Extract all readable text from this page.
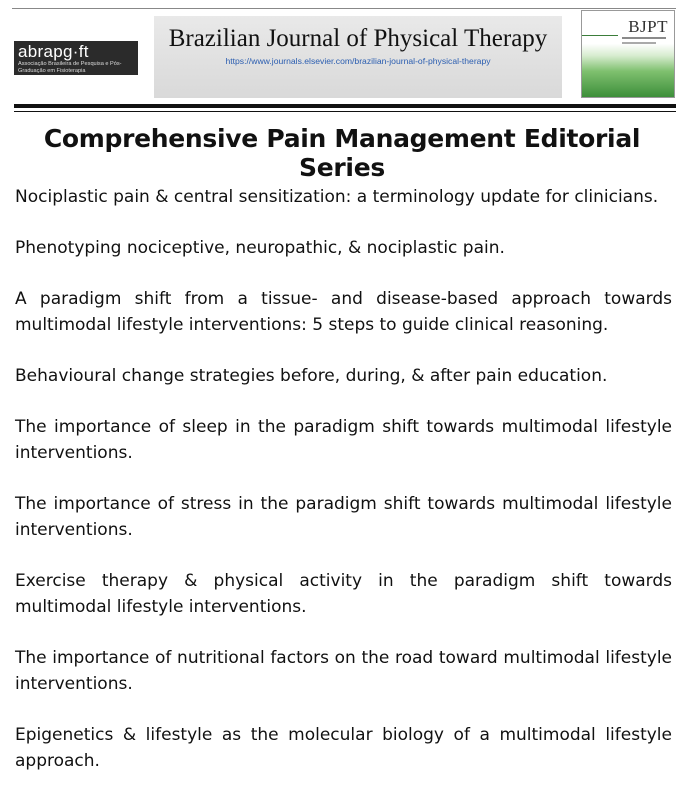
abrapg·ft
Associação Brasileira de Pesquisa e Pós-Graduação em Fisioterapia
Brazilian Journal of Physical Therapy
https://www.journals.elsevier.com/brazilian-journal-of-physical-therapy
BJPT
Comprehensive Pain Management Editorial Series
Nociplastic pain & central sensitization: a terminology update for clinicians.
Phenotyping nociceptive, neuropathic, & nociplastic pain.
A paradigm shift from a tissue- and disease-based approach towards multimodal lifestyle interventions: 5 steps to guide clinical reasoning.
Behavioural change strategies before, during, & after pain education.
The importance of sleep in the paradigm shift towards multimodal lifestyle interventions.
The importance of stress in the paradigm shift towards multimodal lifestyle interventions.
Exercise therapy & physical activity in the paradigm shift towards multimodal lifestyle interventions.
The importance of nutritional factors on the road toward multimodal lifestyle interventions.
Epigenetics & lifestyle as the molecular biology of a multimodal lifestyle approach.
